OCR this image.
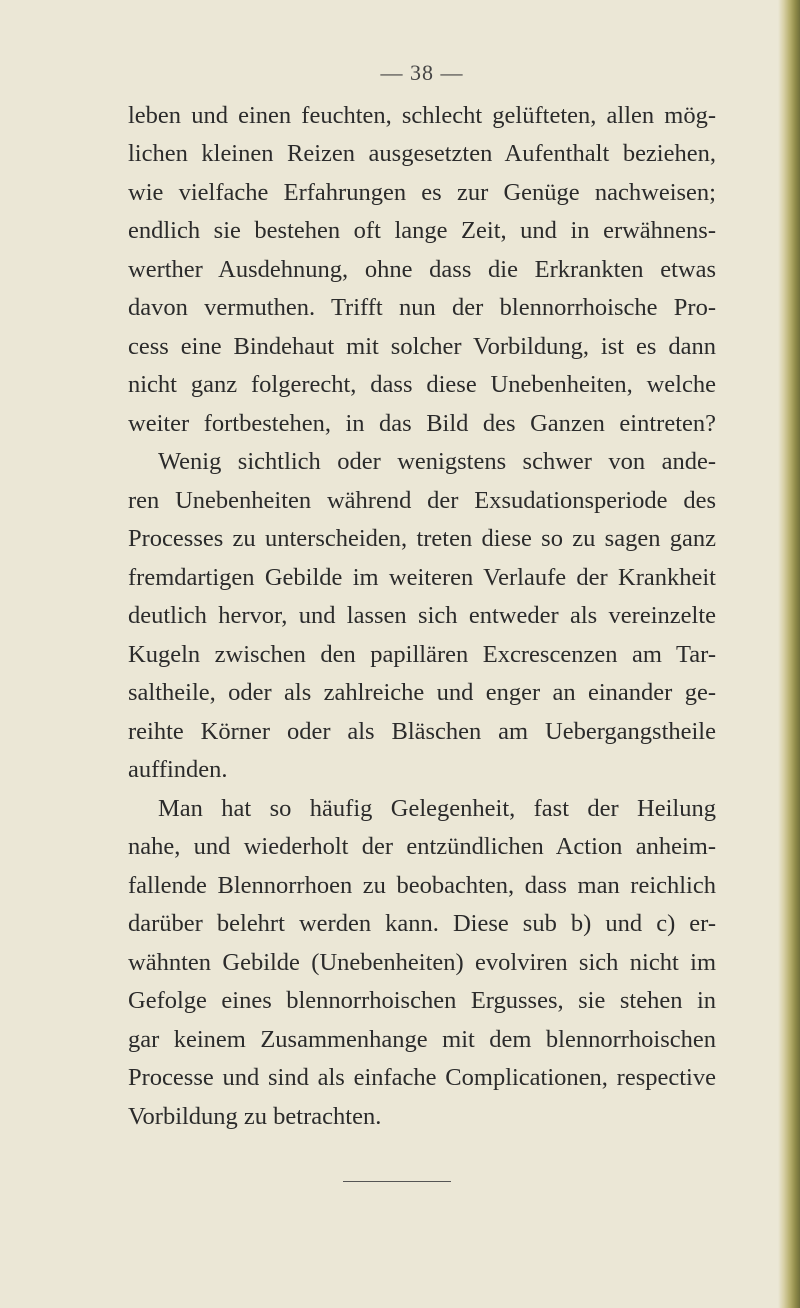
— 38 —
leben und einen feuchten, schlecht gelüfteten, allen mög-
lichen kleinen Reizen ausgesetzten Aufenthalt beziehen,
wie vielfache Erfahrungen es zur Genüge nachweisen;
endlich sie bestehen oft lange Zeit, und in erwähnens-
werther Ausdehnung, ohne dass die Erkrankten etwas
davon vermuthen. Trifft nun der blennorrhoische Pro-
cess eine Bindehaut mit solcher Vorbildung, ist es dann
nicht ganz folgerecht, dass diese Unebenheiten, welche
weiter fortbestehen, in das Bild des Ganzen eintreten?
Wenig sichtlich oder wenigstens schwer von ande-
ren Unebenheiten während der Exsudationsperiode des
Processes zu unterscheiden, treten diese so zu sagen ganz
fremdartigen Gebilde im weiteren Verlaufe der Krankheit
deutlich hervor, und lassen sich entweder als vereinzelte
Kugeln zwischen den papillären Excrescenzen am Tar-
saltheile, oder als zahlreiche und enger an einander ge-
reihte Körner oder als Bläschen am Uebergangstheile
auffinden.
Man hat so häufig Gelegenheit, fast der Heilung
nahe, und wiederholt der entzündlichen Action anheim-
fallende Blennorrhoen zu beobachten, dass man reichlich
darüber belehrt werden kann. Diese sub b) und c) er-
wähnten Gebilde (Unebenheiten) evolviren sich nicht im
Gefolge eines blennorrhoischen Ergusses, sie stehen in
gar keinem Zusammenhange mit dem blennorrhoischen
Processe und sind als einfache Complicationen, respective
Vorbildung zu betrachten.
